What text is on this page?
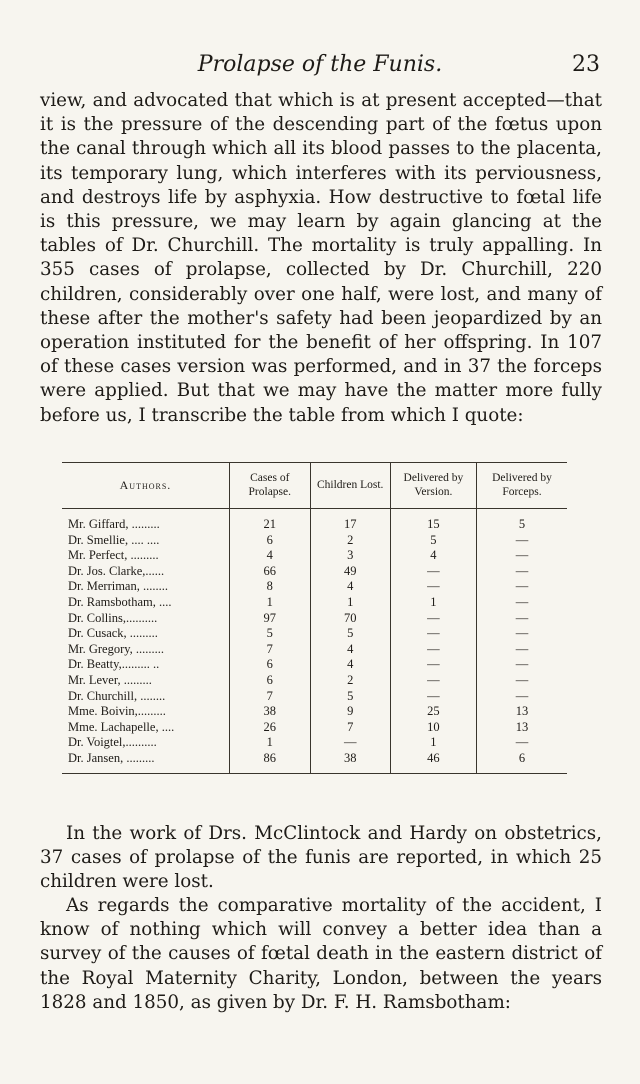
Prolapse of the Funis.	23

view, and advocated that which is at present accepted—that it is the pressure of the descending part of the fœtus upon the canal through which all its blood passes to the placenta, its temporary lung, which interferes with its perviousness, and destroys life by asphyxia. How destructive to fœtal life is this pressure, we may learn by again glancing at the tables of Dr. Churchill. The mortality is truly appalling. In 355 cases of prolapse, collected by Dr. Churchill, 220 children, considerably over one half, were lost, and many of these after the mother's safety had been jeopardized by an operation instituted for the benefit of her offspring. In 107 of these cases version was performed, and in 37 the forceps were applied. But that we may have the matter more fully before us, I transcribe the table from which I quote:

Authors.	Cases of Prolapse.	Children Lost.	Delivered by Version.	Delivered by Forceps.
Mr. Giffard, .........	21	17	15	5
Dr. Smellie, .... ....	6	2	5	—
Mr. Perfect, .........	4	3	4	—
Dr. Jos. Clarke,......	66	49	—	—
Dr. Merriman, ........	8	4	—	—
Dr. Ramsbotham, ....	1	1	1	—
Dr. Collins,..........	97	70	—	—
Dr. Cusack, .........	5	5	—	—
Mr. Gregory, .........	7	4	—	—
Dr. Beatty,......... ..	6	4	—	—
Mr. Lever, .........	6	2	—	—
Dr. Churchill, ........	7	5	—	—
Mme. Boivin,.........	38	9	25	13
Mme. Lachapelle, ....	26	7	10	13
Dr. Voigtel,..........	1	—	1	—
Dr. Jansen, .........	86	38	46	6

In the work of Drs. McClintock and Hardy on obstetrics, 37 cases of prolapse of the funis are reported, in which 25 children were lost.

As regards the comparative mortality of the accident, I know of nothing which will convey a better idea than a survey of the causes of fœtal death in the eastern district of the Royal Maternity Charity, London, between the years 1828 and 1850, as given by Dr. F. H. Ramsbotham:
